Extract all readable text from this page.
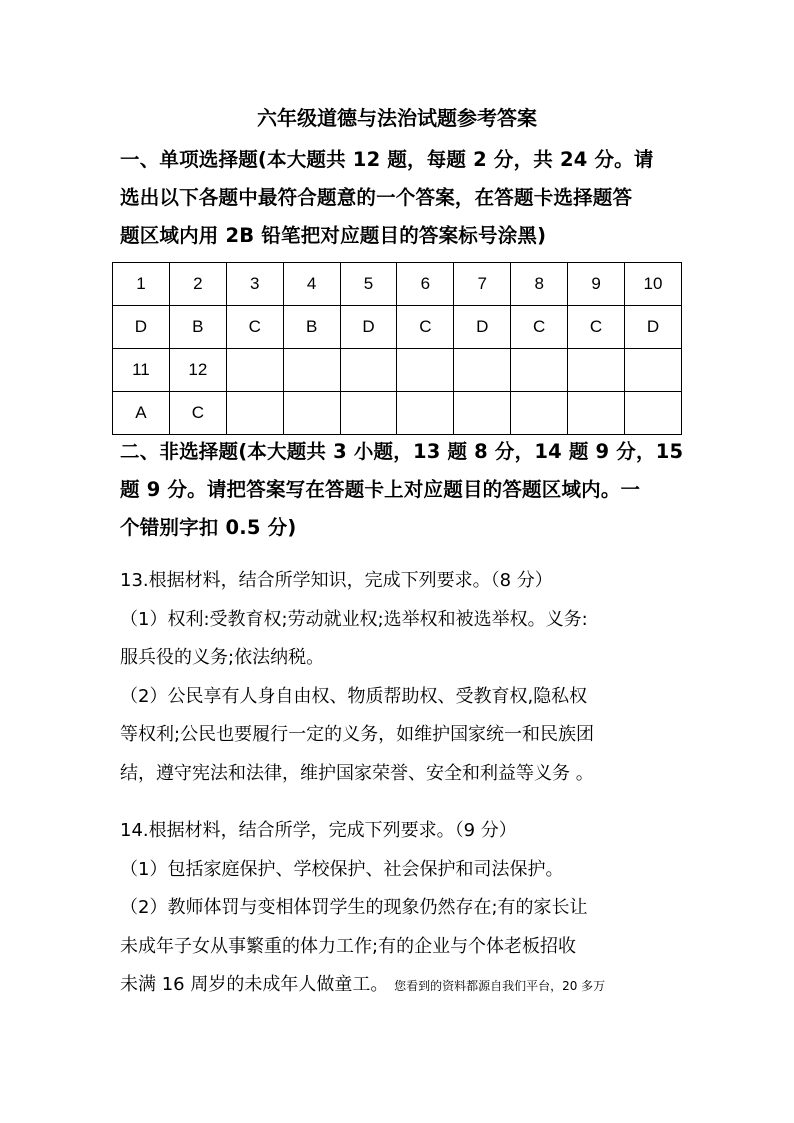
六年级道德与法治试题参考答案
一、单项选择题(本大题共 12 题，每题 2 分，共 24 分。请
选出以下各题中最符合题意的一个答案，在答题卡选择题答
题区域内用 2B 铅笔把对应题目的答案标号涂黑)
1	2	3	4	5	6	7	8	9	10
D	B	C	B	D	C	D	C	C	D
11	12								
A	C								
二、非选择题(本大题共 3 小题，13 题 8 分，14 题 9 分，15
题 9 分。请把答案写在答题卡上对应题目的答题区域内。一
个错别字扣 0.5 分)
13.根据材料，结合所学知识，完成下列要求。（8 分）
（1）权利:受教育权;劳动就业权;选举权和被选举权。义务:
服兵役的义务;依法纳税。
（2）公民享有人身自由权、物质帮助权、受教育权,隐私权
等权利;公民也要履行一定的义务，如维护国家统一和民族团
结，遵守宪法和法律，维护国家荣誉、安全和利益等义务 。
14.根据材料，结合所学，完成下列要求。（9 分）
（1）包括家庭保护、学校保护、社会保护和司法保护。
（2）教师体罚与变相体罚学生的现象仍然存在;有的家长让
未成年子女从事繁重的体力工作;有的企业与个体老板招收
未满 16 周岁的未成年人做童工。 您看到的资料都源自我们平台，20 多万
